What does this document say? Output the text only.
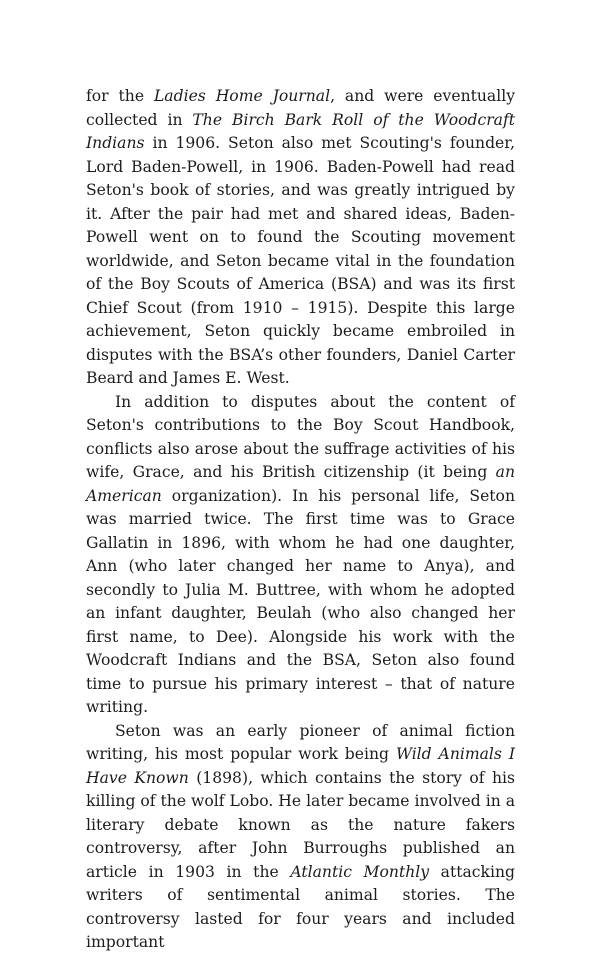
for the Ladies Home Journal, and were eventually collected in The Birch Bark Roll of the Woodcraft Indians in 1906. Seton also met Scouting's founder, Lord Baden-Powell, in 1906. Baden-Powell had read Seton's book of stories, and was greatly intrigued by it. After the pair had met and shared ideas, Baden-Powell went on to found the Scouting movement worldwide, and Seton became vital in the foundation of the Boy Scouts of America (BSA) and was its first Chief Scout (from 1910 – 1915). Despite this large achievement, Seton quickly became embroiled in disputes with the BSA’s other founders, Daniel Carter Beard and James E. West.

In addition to disputes about the content of Seton's contributions to the Boy Scout Handbook, conflicts also arose about the suffrage activities of his wife, Grace, and his British citizenship (it being an American organization). In his personal life, Seton was married twice. The first time was to Grace Gallatin in 1896, with whom he had one daughter, Ann (who later changed her name to Anya), and secondly to Julia M. Buttree, with whom he adopted an infant daughter, Beulah (who also changed her first name, to Dee). Alongside his work with the Woodcraft Indians and the BSA, Seton also found time to pursue his primary interest – that of nature writing.

Seton was an early pioneer of animal fiction writing, his most popular work being Wild Animals I Have Known (1898), which contains the story of his killing of the wolf Lobo. He later became involved in a literary debate known as the nature fakers controversy, after John Burroughs published an article in 1903 in the Atlantic Monthly attacking writers of sentimental animal stories. The controversy lasted for four years and included important
